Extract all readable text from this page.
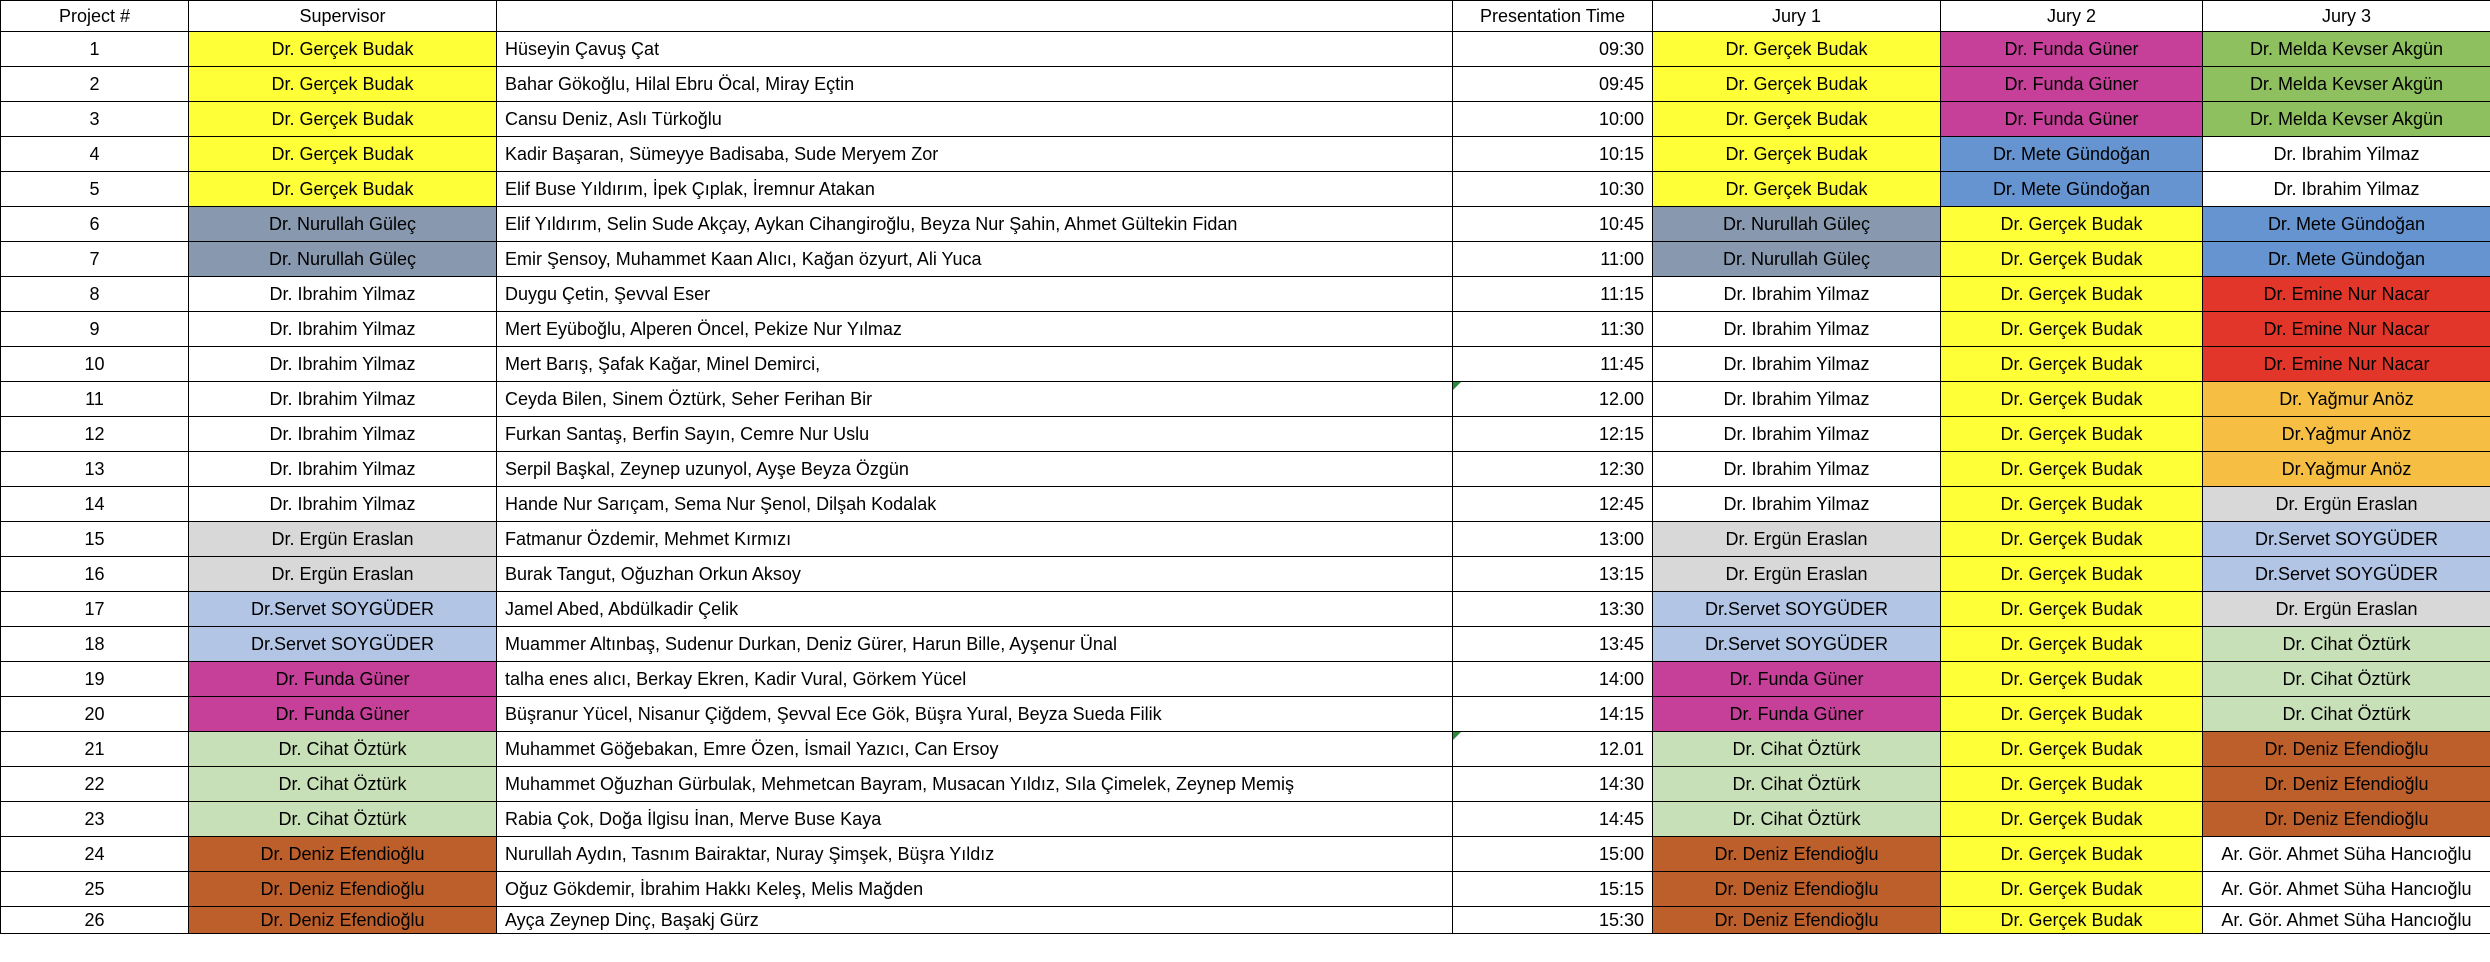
Project #	Supervisor		Presentation Time	Jury 1	Jury 2	Jury 3
1	Dr. Gerçek Budak	Hüseyin Çavuş Çat	09:30	Dr. Gerçek Budak	Dr. Funda Güner	Dr. Melda Kevser Akgün
2	Dr. Gerçek Budak	Bahar Gökoğlu, Hilal Ebru Öcal, Miray Eçtin	09:45	Dr. Gerçek Budak	Dr. Funda Güner	Dr. Melda Kevser Akgün
3	Dr. Gerçek Budak	Cansu Deniz, Aslı Türkoğlu	10:00	Dr. Gerçek Budak	Dr. Funda Güner	Dr. Melda Kevser Akgün
4	Dr. Gerçek Budak	Kadir Başaran, Sümeyye Badisaba, Sude Meryem Zor	10:15	Dr. Gerçek Budak	Dr. Mete Gündoğan	Dr. Ibrahim Yilmaz
5	Dr. Gerçek Budak	Elif Buse Yıldırım, İpek Çıplak, İremnur Atakan	10:30	Dr. Gerçek Budak	Dr. Mete Gündoğan	Dr. Ibrahim Yilmaz
6	Dr. Nurullah Güleç	Elif Yıldırım, Selin Sude Akçay, Aykan Cihangiroğlu, Beyza Nur Şahin, Ahmet Gültekin Fidan	10:45	Dr. Nurullah Güleç	Dr. Gerçek Budak	Dr. Mete Gündoğan
7	Dr. Nurullah Güleç	Emir Şensoy, Muhammet Kaan Alıcı, Kağan özyurt, Ali Yuca	11:00	Dr. Nurullah Güleç	Dr. Gerçek Budak	Dr. Mete Gündoğan
8	Dr. Ibrahim Yilmaz	Duygu Çetin, Şevval Eser	11:15	Dr. Ibrahim Yilmaz	Dr. Gerçek Budak	Dr. Emine Nur Nacar
9	Dr. Ibrahim Yilmaz	Mert Eyüboğlu, Alperen Öncel, Pekize Nur Yılmaz	11:30	Dr. Ibrahim Yilmaz	Dr. Gerçek Budak	Dr. Emine Nur Nacar
10	Dr. Ibrahim Yilmaz	Mert Barış, Şafak Kağar, Minel Demirci,	11:45	Dr. Ibrahim Yilmaz	Dr. Gerçek Budak	Dr. Emine Nur Nacar
11	Dr. Ibrahim Yilmaz	Ceyda Bilen, Sinem Öztürk, Seher Ferihan Bir	12.00	Dr. Ibrahim Yilmaz	Dr. Gerçek Budak	Dr. Yağmur Anöz
12	Dr. Ibrahim Yilmaz	Furkan Santaş, Berfin Sayın, Cemre Nur Uslu	12:15	Dr. Ibrahim Yilmaz	Dr. Gerçek Budak	Dr.Yağmur Anöz
13	Dr. Ibrahim Yilmaz	Serpil Başkal, Zeynep uzunyol, Ayşe Beyza Özgün	12:30	Dr. Ibrahim Yilmaz	Dr. Gerçek Budak	Dr.Yağmur Anöz
14	Dr. Ibrahim Yilmaz	Hande Nur Sarıçam, Sema Nur Şenol, Dilşah Kodalak	12:45	Dr. Ibrahim Yilmaz	Dr. Gerçek Budak	Dr. Ergün Eraslan
15	Dr. Ergün Eraslan	Fatmanur Özdemir, Mehmet Kırmızı	13:00	Dr. Ergün Eraslan	Dr. Gerçek Budak	Dr.Servet SOYGÜDER
16	Dr. Ergün Eraslan	Burak Tangut, Oğuzhan Orkun Aksoy	13:15	Dr. Ergün Eraslan	Dr. Gerçek Budak	Dr.Servet SOYGÜDER
17	Dr.Servet SOYGÜDER	Jamel Abed, Abdülkadir Çelik	13:30	Dr.Servet SOYGÜDER	Dr. Gerçek Budak	Dr. Ergün Eraslan
18	Dr.Servet SOYGÜDER	Muammer Altınbaş, Sudenur Durkan, Deniz Gürer, Harun Bille, Ayşenur Ünal	13:45	Dr.Servet SOYGÜDER	Dr. Gerçek Budak	Dr. Cihat Öztürk
19	Dr. Funda Güner	talha enes alıcı, Berkay Ekren, Kadir Vural, Görkem Yücel	14:00	Dr. Funda Güner	Dr. Gerçek Budak	Dr. Cihat Öztürk
20	Dr. Funda Güner	Büşranur Yücel, Nisanur Çiğdem, Şevval Ece Gök, Büşra Yural, Beyza Sueda Filik	14:15	Dr. Funda Güner	Dr. Gerçek Budak	Dr. Cihat Öztürk
21	Dr. Cihat Öztürk	Muhammet Göğebakan, Emre Özen, İsmail Yazıcı, Can Ersoy	12.01	Dr. Cihat Öztürk	Dr. Gerçek Budak	Dr. Deniz Efendioğlu
22	Dr. Cihat Öztürk	Muhammet Oğuzhan Gürbulak, Mehmetcan Bayram, Musacan Yıldız, Sıla Çimelek, Zeynep Memiş	14:30	Dr. Cihat Öztürk	Dr. Gerçek Budak	Dr. Deniz Efendioğlu
23	Dr. Cihat Öztürk	Rabia Çok, Doğa İlgisu İnan, Merve Buse Kaya	14:45	Dr. Cihat Öztürk	Dr. Gerçek Budak	Dr. Deniz Efendioğlu
24	Dr. Deniz Efendioğlu	Nurullah Aydın, Tasnım Bairaktar, Nuray Şimşek, Büşra Yıldız	15:00	Dr. Deniz Efendioğlu	Dr. Gerçek Budak	Ar. Gör. Ahmet Süha Hancıoğlu
25	Dr. Deniz Efendioğlu	Oğuz Gökdemir, İbrahim Hakkı Keleş, Melis Mağden	15:15	Dr. Deniz Efendioğlu	Dr. Gerçek Budak	Ar. Gör. Ahmet Süha Hancıoğlu
26	Dr. Deniz Efendioğlu	Ayça Zeynep Dinç, Başakj Gürz	15:30	Dr. Deniz Efendioğlu	Dr. Gerçek Budak	Ar. Gör. Ahmet Süha Hancıoğlu
